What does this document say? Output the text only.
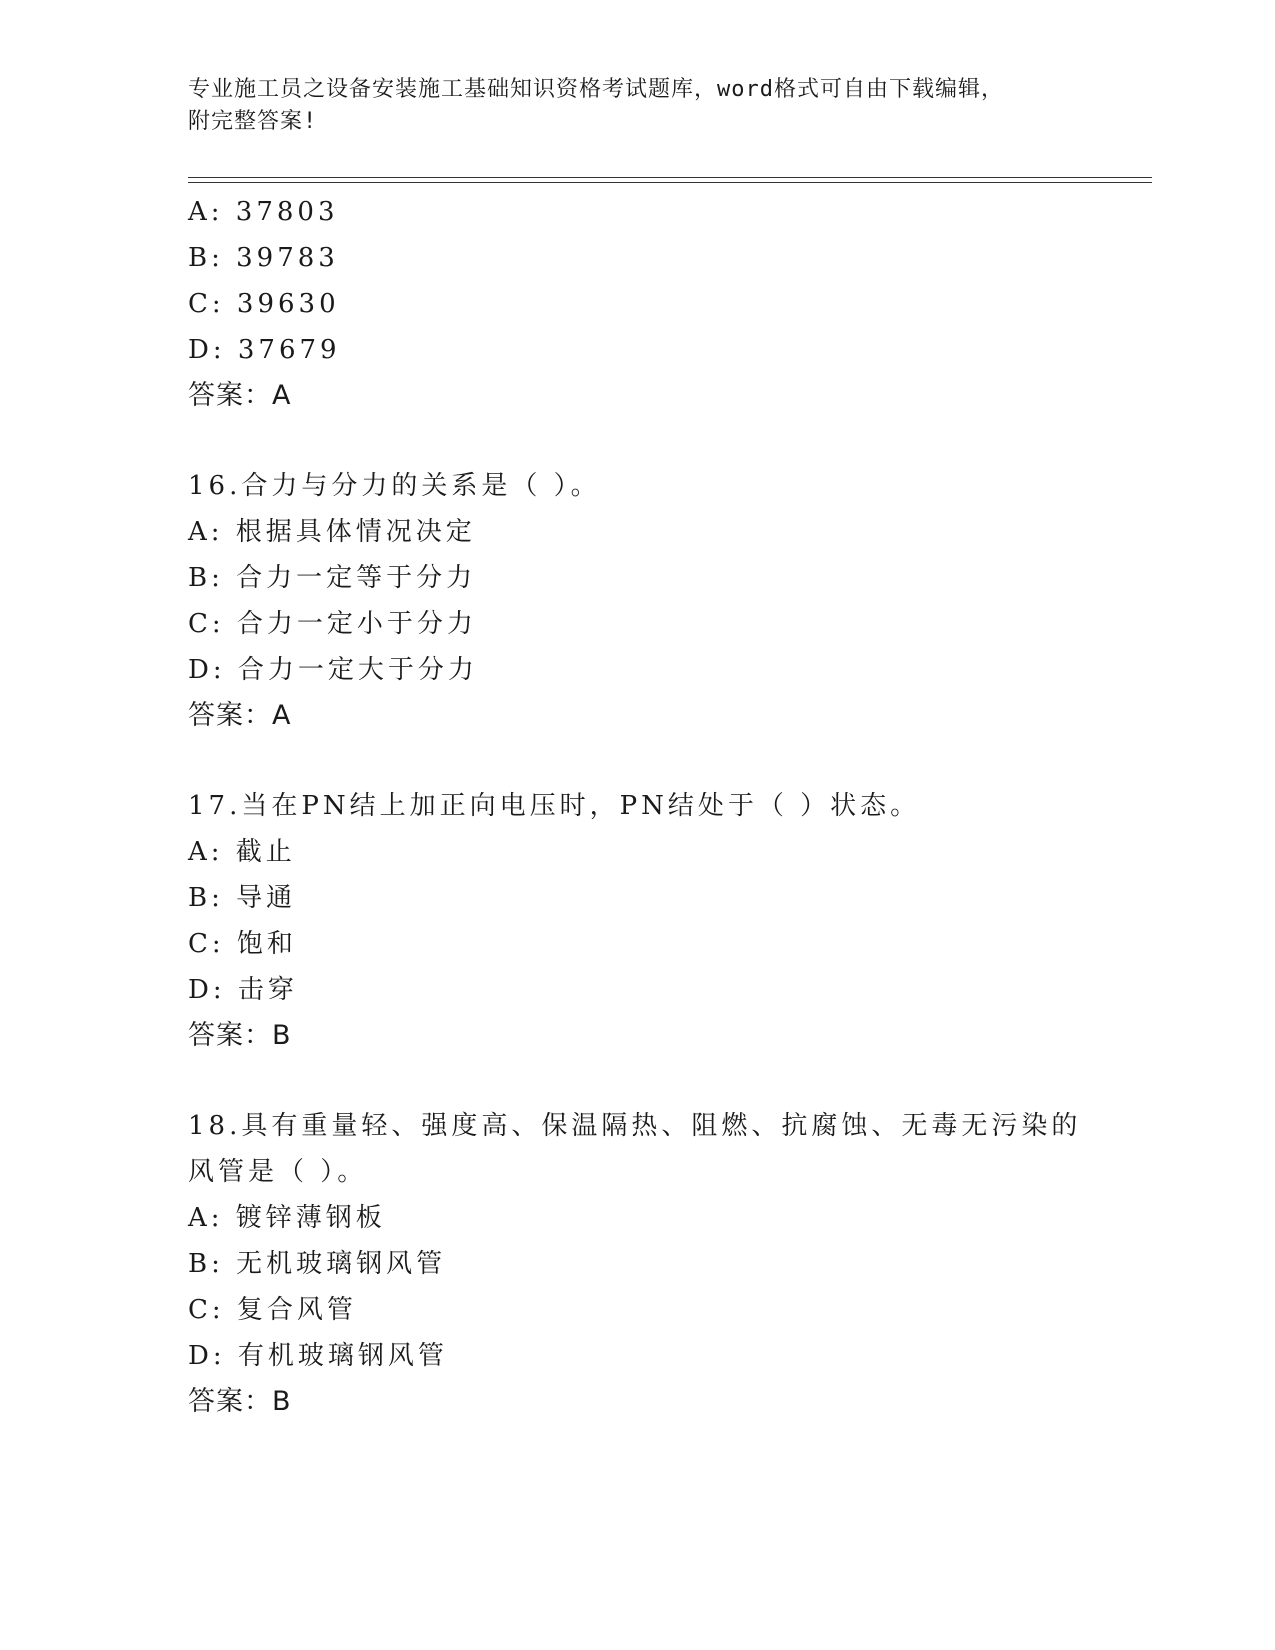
专业施工员之设备安装施工基础知识资格考试题库，word格式可自由下载编辑，
附完整答案!
A: 37803
B: 39783
C: 39630
D: 37679
答案：A
16.合力与分力的关系是（ ）。
A: 根据具体情况决定
B: 合力一定等于分力
C: 合力一定小于分力
D: 合力一定大于分力
答案：A
17.当在PN结上加正向电压时，PN结处于（ ）状态。
A: 截止
B: 导通
C: 饱和
D: 击穿
答案：B
18.具有重量轻、强度高、保温隔热、阻燃、抗腐蚀、无毒无污染的风管是（ ）。
A: 镀锌薄钢板
B: 无机玻璃钢风管
C: 复合风管
D: 有机玻璃钢风管
答案：B
